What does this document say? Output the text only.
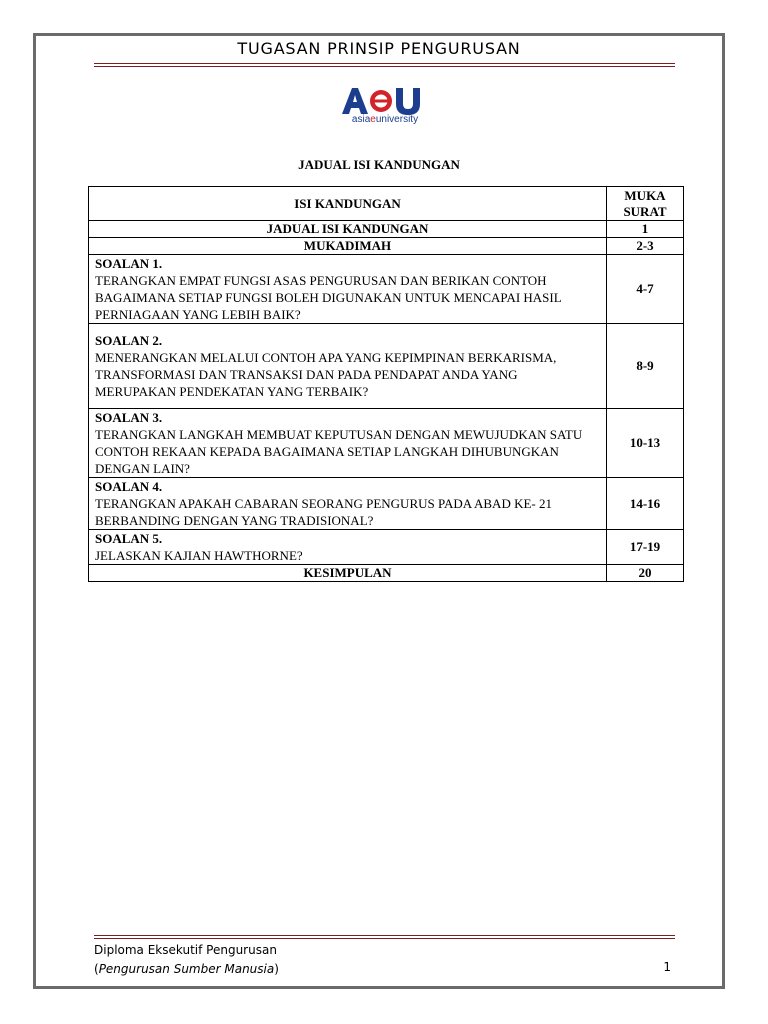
TUGASAN PRINSIP PENGURUSAN
asiaeuniversity
JADUAL ISI KANDUNGAN
ISI KANDUNGAN	MUKA
SURAT
JADUAL ISI KANDUNGAN	1
MUKADIMAH	2-3

SOALAN 1.
TERANGKAN EMPAT FUNGSI ASAS PENGURUSAN DAN BERIKAN CONTOH BAGAIMANA SETIAP FUNGSI BOLEH DIGUNAKAN UNTUK MENCAPAI HASIL PERNIAGAAN YANG LEBIH BAIK?	4-7

SOALAN 2.
MENERANGKAN MELALUI CONTOH APA YANG KEPIMPINAN BERKARISMA, TRANSFORMASI DAN TRANSAKSI DAN PADA PENDAPAT ANDA YANG MERUPAKAN PENDEKATAN YANG TERBAIK?	8-9

SOALAN 3.
TERANGKAN LANGKAH MEMBUAT KEPUTUSAN DENGAN MEWUJUDKAN SATU CONTOH REKAAN KEPADA BAGAIMANA SETIAP LANGKAH DIHUBUNGKAN DENGAN LAIN?	10-13

SOALAN 4.
TERANGKAN APAKAH CABARAN SEORANG PENGURUS PADA ABAD KE- 21 BERBANDING DENGAN YANG TRADISIONAL?	14-16

SOALAN 5.
JELASKAN KAJIAN HAWTHORNE?	17-19
KESIMPULAN	20
Diploma Eksekutif Pengurusan
(Pengurusan Sumber Manusia)	1
